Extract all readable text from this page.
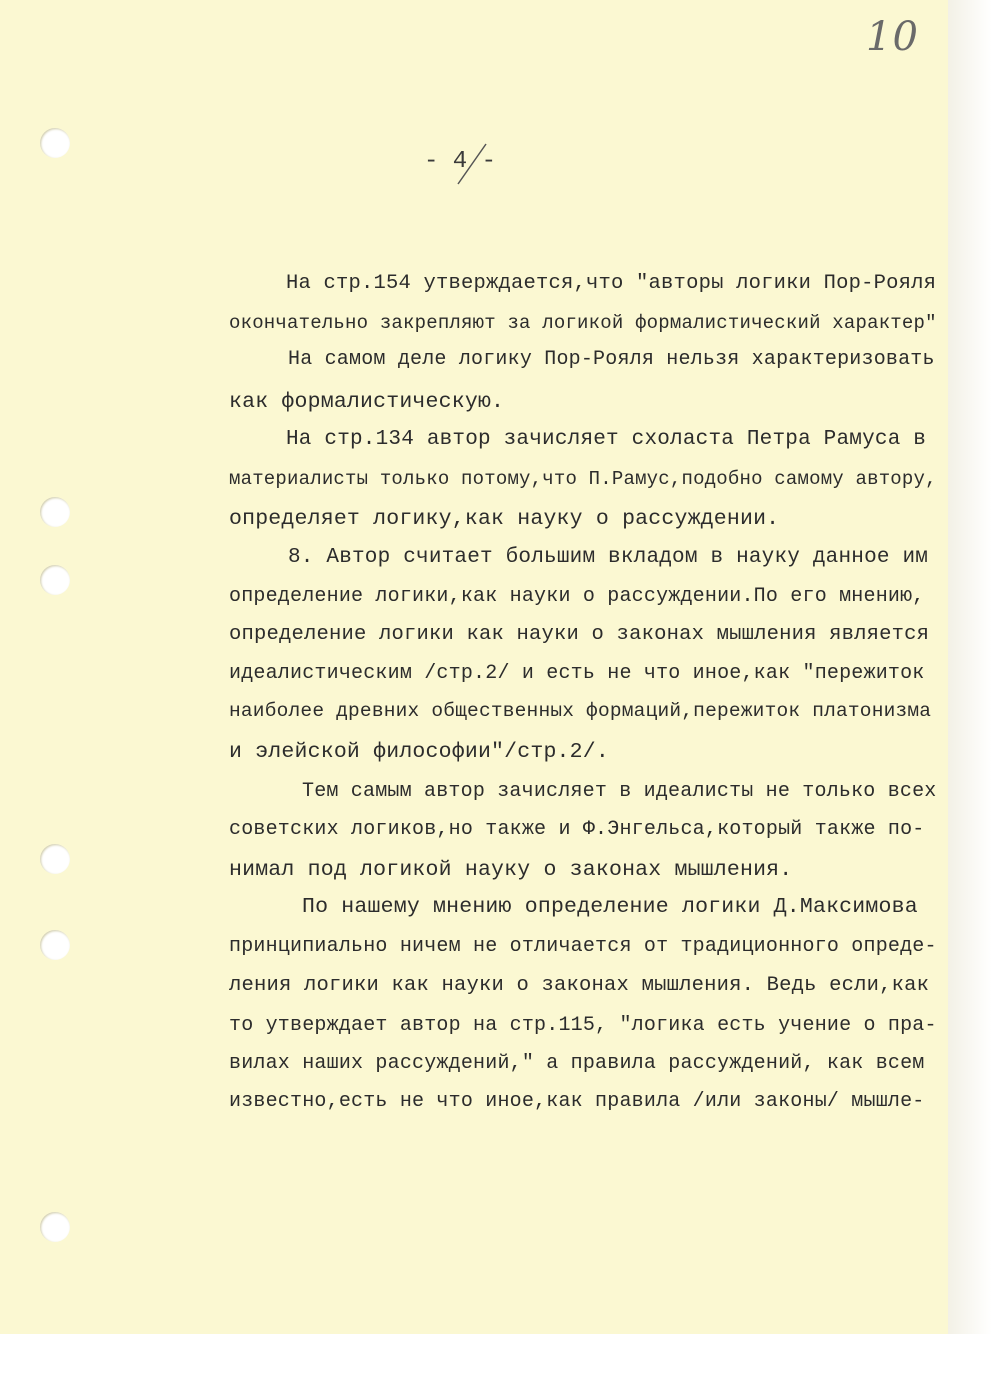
10
- 4 -
На стр.154 утверждается,что "авторы логики Пор-Рояля
окончательно закрепляют за логикой формалистический характер"
На самом деле логику Пор-Рояля нельзя характеризовать
как формалистическую.
На стр.134 автор зачисляет схоласта Петра Рамуса в
материалисты только потому,что П.Рамус,подобно самому автору,
определяет логику,как науку о рассуждении.
8. Автор считает большим вкладом в науку данное им
определение логики,как науки о рассуждении.По его мнению,
определение логики как науки о законах мышления является
идеалистическим /стр.2/ и есть не что иное,как "пережиток
наиболее древних общественных формаций,пережиток платонизма
и элейской философии"/стр.2/.
Тем самым автор зачисляет в идеалисты не только всех
советских логиков,но также и Ф.Энгельса,который также по-
нимал под логикой науку о законах мышления.
По нашему мнению определение логики Д.Максимова
принципиально ничем не отличается от традиционного опреде-
ления логики как науки о законах мышления. Ведь если,как
то утверждает автор на стр.115, "логика есть учение о пра-
вилах наших рассуждений," а правила рассуждений, как всем
известно,есть не что иное,как правила /или законы/ мышле-
